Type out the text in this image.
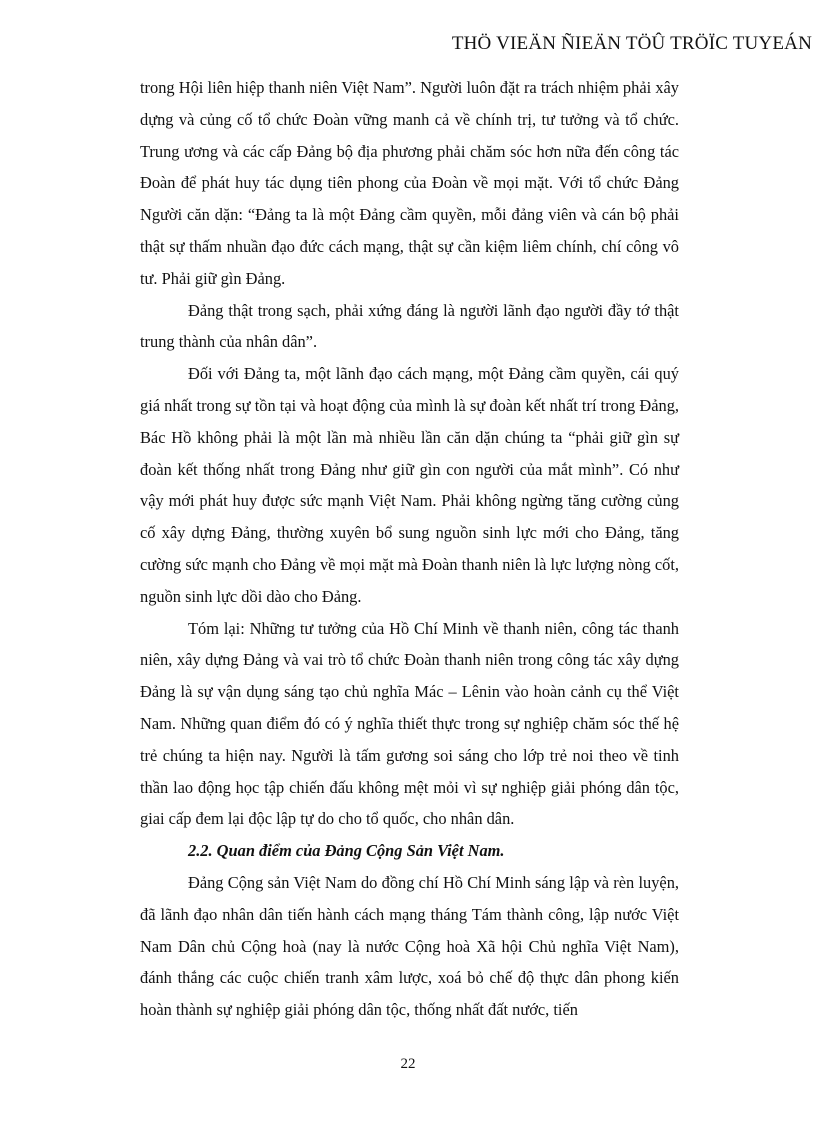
THÖ VIEÄN ÑIEÄN TÖÛ TRÖÏC TUYEÁN

trong Hội liên hiệp thanh niên Việt Nam”. Người luôn đặt ra trách nhiệm phải xây dựng và củng cố tổ chức Đoàn vững manh cả về chính trị, tư tưởng và tổ chức. Trung ương và các cấp Đảng bộ địa phương phải chăm sóc hơn nữa đến công tác Đoàn để phát huy tác dụng tiên phong của Đoàn về mọi mặt. Với tổ chức Đảng Người căn dặn: “Đảng ta là một Đảng cầm quyền, mỗi đảng viên và cán bộ phải thật sự thấm nhuần đạo đức cách mạng, thật sự cần kiệm liêm chính, chí công vô tư. Phải giữ gìn Đảng.

Đảng thật trong sạch, phải xứng đáng là người lãnh đạo người đầy tớ thật trung thành của nhân dân”.

Đối với Đảng ta, một lãnh đạo cách mạng, một Đảng cầm quyền, cái quý giá nhất trong sự tồn tại và hoạt động của mình là sự đoàn kết nhất trí trong Đảng, Bác Hồ không phải là một lần mà nhiều lần căn dặn chúng ta “phải giữ gìn sự đoàn kết thống nhất trong Đảng như giữ gìn con người của mắt mình”. Có như vậy mới phát huy được sức mạnh Việt Nam. Phải không ngừng tăng cường củng cố xây dựng Đảng, thường xuyên bổ sung nguồn sinh lực mới cho Đảng, tăng cường sức mạnh cho Đảng về mọi mặt mà Đoàn thanh niên là lực lượng nòng cốt, nguồn sinh lực dồi dào cho Đảng.

Tóm lại: Những tư tưởng của Hồ Chí Minh về thanh niên, công tác thanh niên, xây dựng Đảng và vai trò tổ chức Đoàn thanh niên trong công tác xây dựng Đảng là sự vận dụng sáng tạo chủ nghĩa Mác – Lênin vào hoàn cảnh cụ thể Việt Nam. Những quan điểm đó có ý nghĩa thiết thực trong sự nghiệp chăm sóc thế hệ trẻ chúng ta hiện nay. Người là tấm gương soi sáng cho lớp trẻ noi theo về tinh thần lao động học tập chiến đấu không mệt mỏi vì sự nghiệp giải phóng dân tộc, giai cấp đem lại độc lập tự do cho tổ quốc, cho nhân dân.

2.2. Quan điểm của Đảng Cộng Sản Việt Nam.

Đảng Cộng sản Việt Nam do đồng chí Hồ Chí Minh sáng lập và rèn luyện, đã lãnh đạo nhân dân tiến hành cách mạng tháng Tám thành công, lập nước Việt Nam Dân chủ Cộng hoà (nay là nước Cộng hoà Xã hội Chủ nghĩa Việt Nam), đánh thắng các cuộc chiến tranh xâm lược, xoá bỏ chế độ thực dân phong kiến hoàn thành sự nghiệp giải phóng dân tộc, thống nhất đất nước, tiến

22
